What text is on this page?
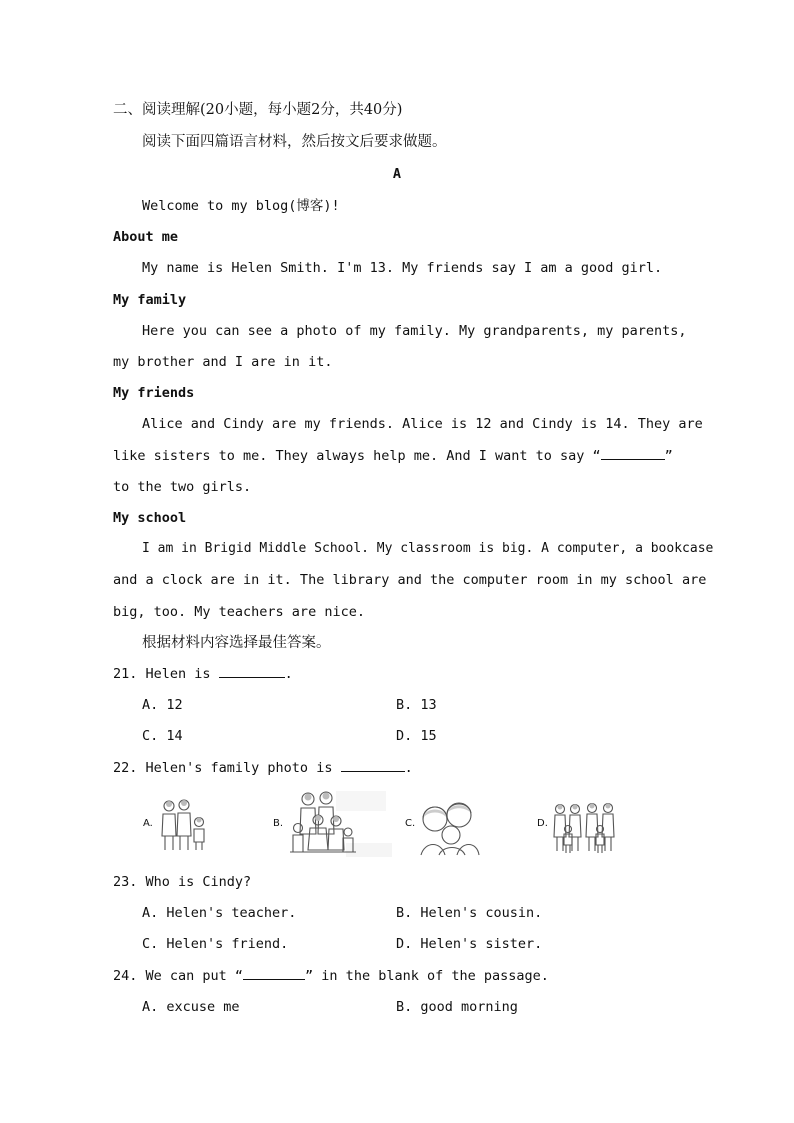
二、阅读理解(20小题，每小题2分，共40分)
阅读下面四篇语言材料，然后按文后要求做题。
A
Welcome to my blog(博客)!
About me
My name is Helen Smith. I'm 13. My friends say I am a good girl.
My family
Here you can see a photo of my family. My grandparents, my parents,
my brother and I are in it.
My friends
Alice and Cindy are my friends. Alice is 12 and Cindy is 14. They are
like sisters to me. They always help me. And I want to say “	”
to the two girls.
My school
I am in Brigid Middle School. My classroom is big. A computer, a bookcase
and a clock are in it. The library and the computer room in my school are
big, too. My teachers are nice.
根据材料内容选择最佳答案。
21. Helen is	.
A. 12	B. 13
C. 14	D. 15
22. Helen's family photo is	.
A.	B.	C.	D.
23. Who is Cindy?
A. Helen's teacher.	B. Helen's cousin.
C. Helen's friend.	D. Helen's sister.
24. We can put “	” in the blank of the passage.
A. excuse me	B. good morning
